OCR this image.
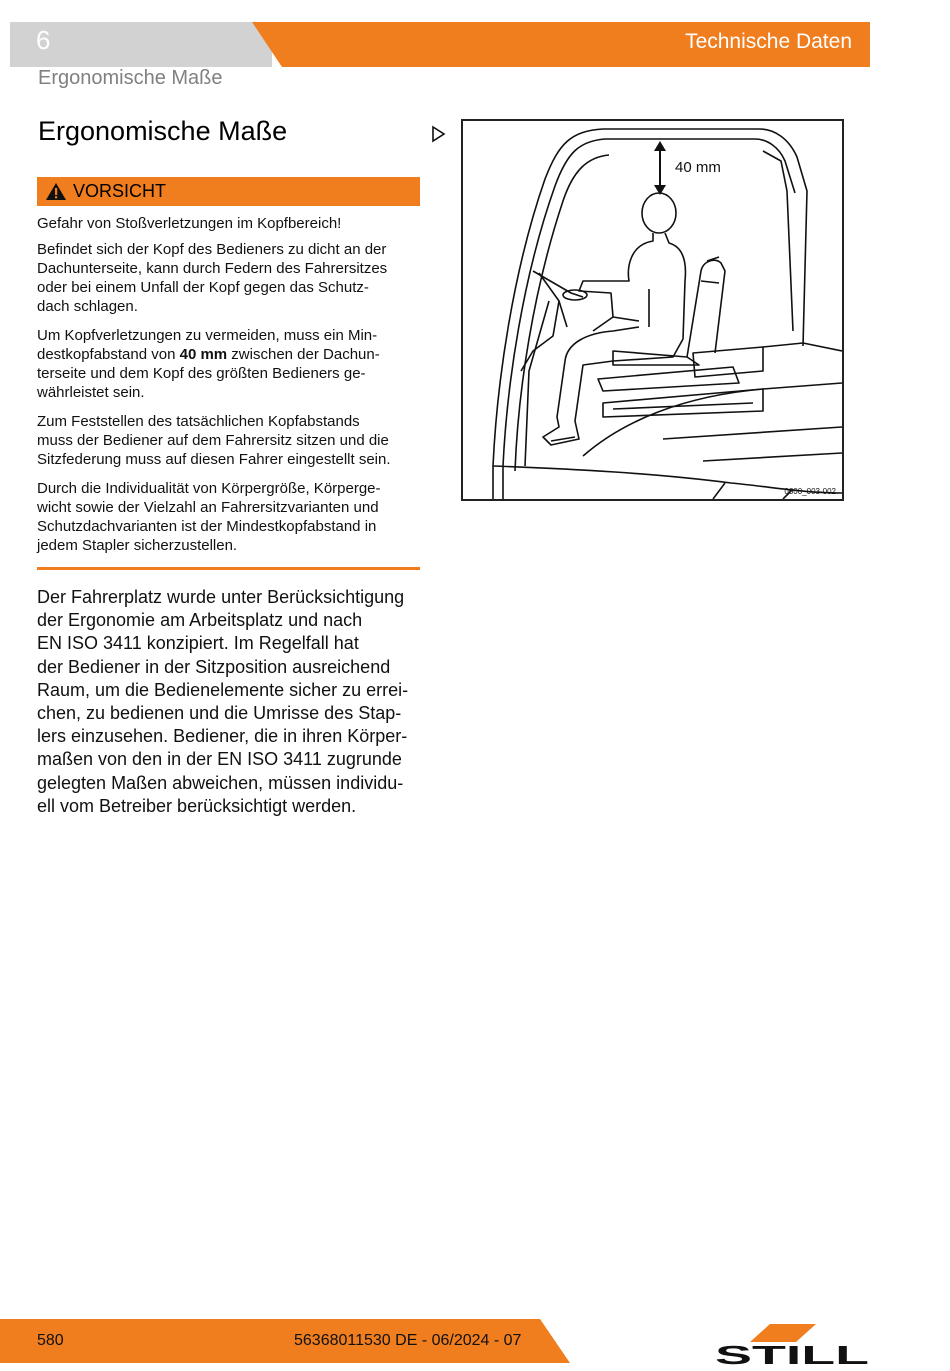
6	Technische Daten
Ergonomische Maße
Ergonomische Maße
VORSICHT

Gefahr von Stoßverletzungen im Kopfbereich!

Befindet sich der Kopf des Bedieners zu dicht an der
Dachunterseite, kann durch Federn des Fahrersitzes
oder bei einem Unfall der Kopf gegen das Schutz-
dach schlagen.

Um Kopfverletzungen zu vermeiden, muss ein Min-
destkopfabstand von 40 mm zwischen der Dachun-
terseite und dem Kopf des größten Bedieners ge-
währleistet sein.

Zum Feststellen des tatsächlichen Kopfabstands
muss der Bediener auf dem Fahrersitz sitzen und die
Sitzfederung muss auf diesen Fahrer eingestellt sein.

Durch die Individualität von Körpergröße, Körperge-
wicht sowie der Vielzahl an Fahrersitzvarianten und
Schutzdachvarianten ist der Mindestkopfabstand in
jedem Stapler sicherzustellen.

Der Fahrerplatz wurde unter Berücksichtigung
der Ergonomie am Arbeitsplatz und nach
EN ISO 3411 konzipiert. Im Regelfall hat
der Bediener in der Sitzposition ausreichend
Raum, um die Bedienelemente sicher zu errei-
chen, zu bedienen und die Umrisse des Stap-
lers einzusehen. Bediener, die in ihren Körper-
maßen von den in der EN ISO 3411 zugrunde
gelegten Maßen abweichen, müssen individu-
ell vom Betreiber berücksichtigt werden.
40 mm
0000_003-002
580	56368011530 DE - 06/2024 - 07	STILL
